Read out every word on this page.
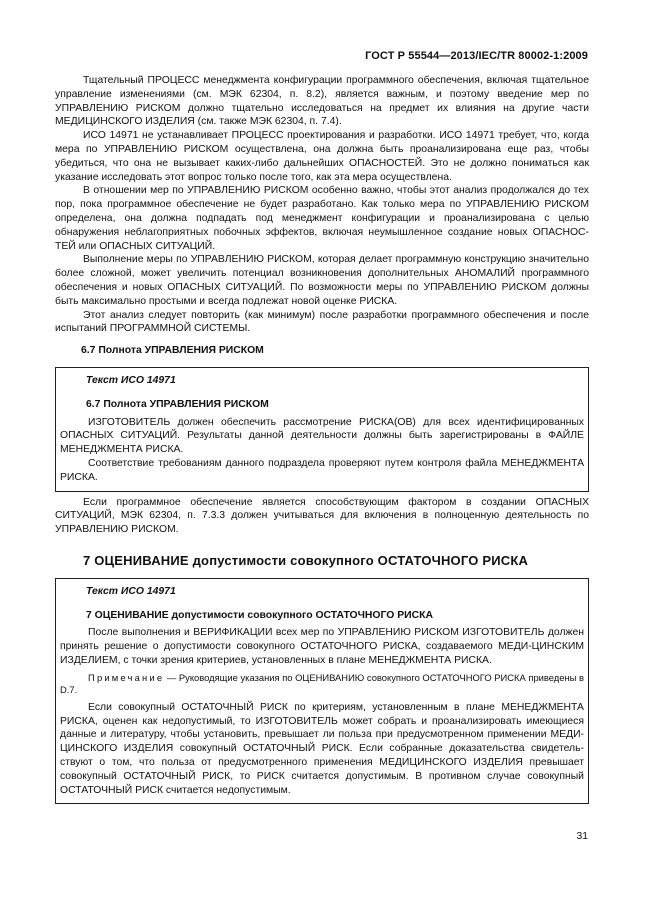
ГОСТ Р 55544—2013/IEC/TR 80002-1:2009

Тщательный ПРОЦЕСС менеджмента конфигурации программного обеспечения, включая тщательное управление изменениями (см. МЭК 62304, п. 8.2), является важным, и поэтому введение мер по УПРАВЛЕНИЮ РИСКОМ должно тщательно исследоваться на предмет их влияния на другие части МЕДИЦИНСКОГО ИЗДЕЛИЯ (см. также МЭК 62304, п. 7.4).

ИСО 14971 не устанавливает ПРОЦЕСС проектирования и разработки. ИСО 14971 требует, что, когда мера по УПРАВЛЕНИЮ РИСКОМ осуществлена, она должна быть проанализирована еще раз, чтобы убедиться, что она не вызывает каких-либо дальнейших ОПАСНОСТЕЙ. Это не должно пониматься как указание исследовать этот вопрос только после того, как эта мера осуществлена.

В отношении мер по УПРАВЛЕНИЮ РИСКОМ особенно важно, чтобы этот анализ продолжался до тех пор, пока программное обеспечение не будет разработано. Как только мера по УПРАВЛЕНИЮ РИСКОМ определена, она должна подпадать под менеджмент конфигурации и проанализирована с целью обнаружения неблагоприятных побочных эффектов, включая неумышленное создание новых ОПАСНОС-ТЕЙ или ОПАСНЫХ СИТУАЦИЙ.

Выполнение меры по УПРАВЛЕНИЮ РИСКОМ, которая делает программную конструкцию значительно более сложной, может увеличить потенциал возникновения дополнительных АНОМАЛИЙ программного обеспечения и новых ОПАСНЫХ СИТУАЦИЙ. По возможности меры по УПРАВЛЕНИЮ РИСКОМ должны быть максимально простыми и всегда подлежат новой оценке РИСКА.

Этот анализ следует повторить (как минимум) после разработки программного обеспечения и после испытаний ПРОГРАММНОЙ СИСТЕМЫ.

6.7 Полнота УПРАВЛЕНИЯ РИСКОМ
Текст ИСО 14971
6.7 Полнота УПРАВЛЕНИЯ РИСКОМ

ИЗГОТОВИТЕЛЬ должен обеспечить рассмотрение РИСКА(ОВ) для всех идентифицированных ОПАСНЫХ СИТУАЦИЙ. Результаты данной деятельности должны быть зарегистрированы в ФАЙЛЕ МЕНЕДЖМЕНТА РИСКА.

Соответствие требованиям данного подраздела проверяют путем контроля файла МЕНЕДЖМЕНТА РИСКА.

Если программное обеспечение является способствующим фактором в создании ОПАСНЫХ СИТУАЦИЙ, МЭК 62304, п. 7.3.3 должен учитываться для включения в полноценную деятельность по УПРАВЛЕНИЮ РИСКОМ.

7 ОЦЕНИВАНИЕ допустимости совокупного ОСТАТОЧНОГО РИСКА
Текст ИСО 14971
7 ОЦЕНИВАНИЕ допустимости совокупного ОСТАТОЧНОГО РИСКА

После выполнения и ВЕРИФИКАЦИИ всех мер по УПРАВЛЕНИЮ РИСКОМ ИЗГОТОВИТЕЛЬ должен принять решение о допустимости совокупного ОСТАТОЧНОГО РИСКА, создаваемого МЕДИ-ЦИНСКИМ ИЗДЕЛИЕМ, с точки зрения критериев, установленных в плане МЕНЕДЖМЕНТА РИСКА.

Примечание — Руководящие указания по ОЦЕНИВАНИЮ совокупного ОСТАТОЧНОГО РИСКА приведены в D.7.

Если совокупный ОСТАТОЧНЫЙ РИСК по критериям, установленным в плане МЕНЕДЖМЕНТА РИСКА, оценен как недопустимый, то ИЗГОТОВИТЕЛЬ может собрать и проанализировать имеющиеся данные и литературу, чтобы установить, превышает ли польза при предусмотренном применении МЕДИ-ЦИНСКОГО ИЗДЕЛИЯ совокупный ОСТАТОЧНЫЙ РИСК. Если собранные доказательства свидетель-ствуют о том, что польза от предусмотренного применения МЕДИЦИНСКОГО ИЗДЕЛИЯ превышает совокупный ОСТАТОЧНЫЙ РИСК, то РИСК считается допустимым. В противном случае совокупный ОСТАТОЧНЫЙ РИСК считается недопустимым.

31
